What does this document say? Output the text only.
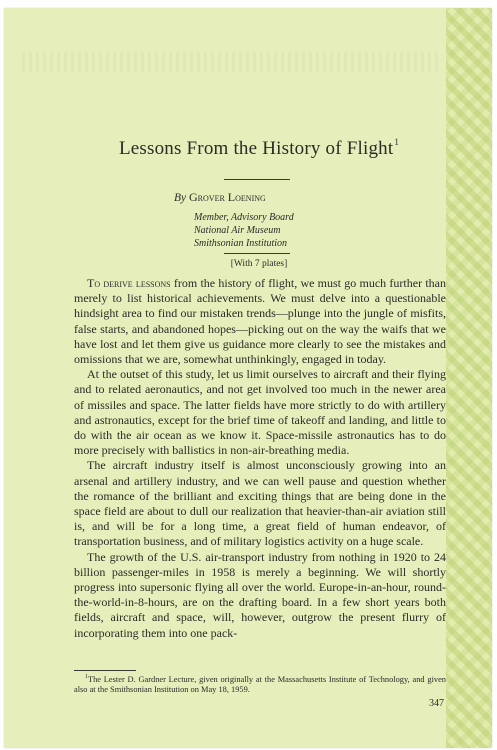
Lessons From the History of Flight$^1$
By Grover Loening
Member, Advisory Board
National Air Museum
Smithsonian Institution
[With 7 plates]

To derive lessons from the history of flight, we must go much further than merely to list historical achievements. We must delve into a questionable hindsight area to find our mistaken trends—plunge into the jungle of misfits, false starts, and abandoned hopes—picking out on the way the waifs that we have lost and let them give us guidance more clearly to see the mistakes and omissions that we are, somewhat unthinkingly, engaged in today.

At the outset of this study, let us limit ourselves to aircraft and their flying and to related aeronautics, and not get involved too much in the newer area of missiles and space. The latter fields have more strictly to do with artillery and astronautics, except for the brief time of takeoff and landing, and little to do with the air ocean as we know it. Space-missile astronautics has to do more precisely with ballistics in non-air-breathing media.

The aircraft industry itself is almost unconsciously growing into an arsenal and artillery industry, and we can well pause and question whether the romance of the brilliant and exciting things that are being done in the space field are about to dull our realization that heavier-than-air aviation still is, and will be for a long time, a great field of human endeavor, of transportation business, and of military logistics activity on a huge scale.

The growth of the U.S. air-transport industry from nothing in 1920 to 24 billion passenger-miles in 1958 is merely a beginning. We will shortly progress into supersonic flying all over the world. Europe-in-an-hour, round-the-world-in-8-hours, are on the drafting board. In a few short years both fields, aircraft and space, will, however, outgrow the present flurry of incorporating them into one pack-

$^1$The Lester D. Gardner Lecture, given originally at the Massachusetts Institute of Technology, and given also at the Smithsonian Institution on May 18, 1959.

347
